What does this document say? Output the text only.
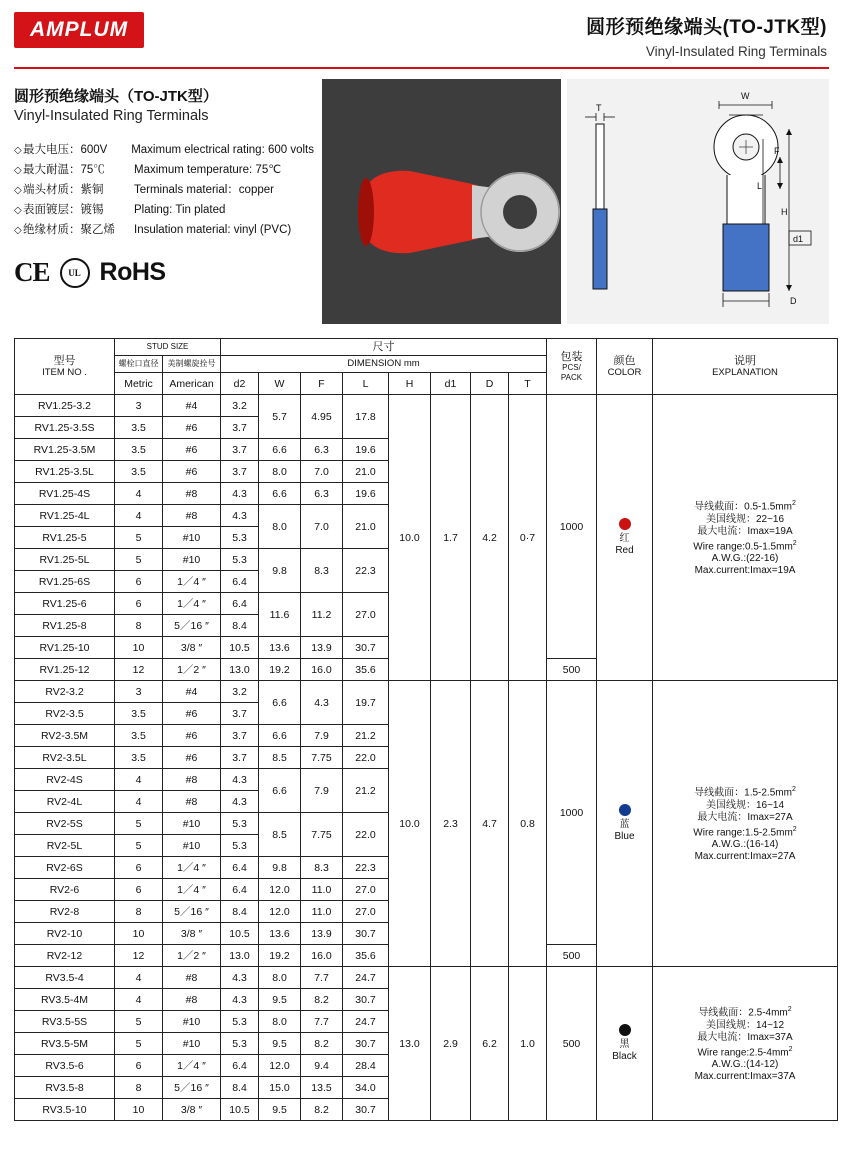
AMPLUM	圆形预绝缘端头(TO-JTK型)
Vinyl-Insulated Ring Terminals
圆形预绝缘端头（TO-JTK型）
Vinyl-Insulated Ring Terminals
◇最大电压：600V	Maximum electrical rating: 600 volts
◇最大耐温：75℃	Maximum temperature: 75℃
◇端头材质：紫铜	Terminals material：copper
◇表面镀层：镀锡	Plating: Tin plated
◇绝缘材质：聚乙烯	Insulation material: vinyl (PVC)
CE	UL RoHS
T
W
F
L
H
d1
D
型号
ITEM NO .

STUD SIZE	尺寸

包装
PCS/
PACK

颜色
COLOR

说明
EXPLANATION

	螺栓口直径	美制螺旋拴号	DIMENSION mm										

	Metric	American	d2	W	F	L	H	d1	D	T			
RV1.25-3.2	3	#4	3.2	5.7	4.95	17.8	10.0	1.7	4.2	0·7	1000	
红
Red

导线截面：$0.5-1.5mm^2$
美国线规：22~16
最大电流：Imax=19A
Wire $range:0.5-1.5mm^2$
A.W.G.:(22-16)
Max.current:Imax=19A

RV1.25-3.5S	3.5	#6	3.7										
RV1.25-3.5M	3.5	#6	3.7	6.6	6.3	19.6							
RV1.25-3.5L	3.5	#6	3.7	8.0	7.0	21.0							
RV1.25-4S	4	#8	4.3	6.6	6.3	19.6							
RV1.25-4L	4	#8	4.3	8.0	7.0	21.0							
RV1.25-5	5	#10	5.3										
RV1.25-5L	5	#10	5.3	9.8	8.3	22.3							
RV1.25-6S	6	1／4 ″	6.4										
RV1.25-6	6	1／4 ″	6.4	11.6	11.2	27.0							
RV1.25-8	8	5／16 ″	8.4										
RV1.25-10	10	3/8 ″	10.5	13.6	13.9	30.7							
RV1.25-12	12	1／2 ″	13.0	19.2	16.0	35.6					500		
RV2-3.2	3	#4	3.2	6.6	4.3	19.7	10.0	2.3	4.7	0.8	1000	
蓝
Blue

导线截面：$1.5-2.5mm^2$
美国线规：16~14
最大电流：Imax=27A
Wire $range:1.5-2.5mm^2$
A.W.G.:(16-14)
Max.current:Imax=27A

RV2-3.5	3.5	#6	3.7										
RV2-3.5M	3.5	#6	3.7	6.6	7.9	21.2							
RV2-3.5L	3.5	#6	3.7	8.5	7.75	22.0							
RV2-4S	4	#8	4.3	6.6	7.9	21.2							
RV2-4L	4	#8	4.3										
RV2-5S	5	#10	5.3	8.5	7.75	22.0							
RV2-5L	5	#10	5.3										
RV2-6S	6	1／4 ″	6.4	9.8	8.3	22.3							
RV2-6	6	1／4 ″	6.4	12.0	11.0	27.0							
RV2-8	8	5／16 ″	8.4	12.0	11.0	27.0							
RV2-10	10	3/8 ″	10.5	13.6	13.9	30.7							
RV2-12	12	1／2 ″	13.0	19.2	16.0	35.6					500		
RV3.5-4	4	#8	4.3	8.0	7.7	24.7	13.0	2.9	6.2	1.0	500	黑
Black

导线截面：$2.5-4mm^2$
美国线规：14~12
最大电流：Imax=37A
Wire $range:2.5-4mm^2$
A.W.G.:(14-12)
Max.current:Imax=37A

RV3.5-4M	4	#8	4.3	9.5	8.2	30.7							
RV3.5-5S	5	#10	5.3	8.0	7.7	24.7							
RV3.5-5M	5	#10	5.3	9.5	8.2	30.7							
RV3.5-6	6	1／4 ″	6.4	12.0	9.4	28.4							
RV3.5-8	8	5／16 ″	8.4	15.0	13.5	34.0							
RV3.5-10	10	3/8 ″	10.5	9.5	8.2	30.7							
